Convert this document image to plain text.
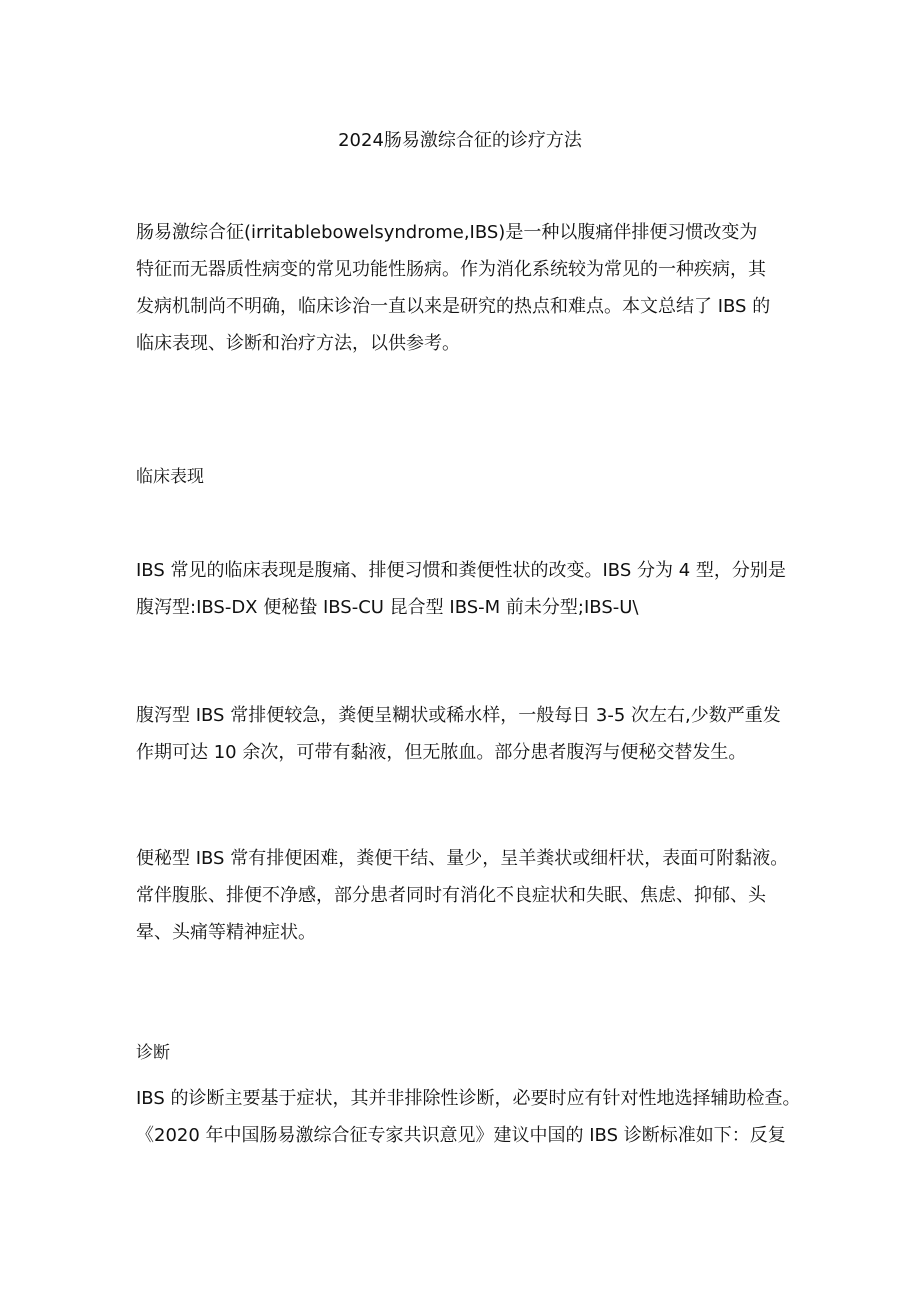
2024肠易激综合征的诊疗方法

肠易激综合征(irritablebowelsyndrome,IBS)是一种以腹痛伴排便习惯改变为
特征而无器质性病变的常见功能性肠病。作为消化系统较为常见的一种疾病，其
发病机制尚不明确，临床诊治一直以来是研究的热点和难点。本文总结了 IBS 的
临床表现、诊断和治疗方法，以供参考。

临床表现

IBS 常见的临床表现是腹痛、排便习惯和粪便性状的改变。IBS 分为 4 型，分别是
腹泻型:IBS-DX 便秘蛰 IBS-CU 昆合型 IBS-M 前未分型;IBS-U\

腹泻型 IBS 常排便较急，粪便呈糊状或稀水样，一般每日 3-5 次左右,少数严重发
作期可达 10 余次，可带有黏液，但无脓血。部分患者腹泻与便秘交替发生。

便秘型 IBS 常有排便困难，粪便干结、量少，呈羊粪状或细杆状，表面可附黏液。
常伴腹胀、排便不净感，部分患者同时有消化不良症状和失眠、焦虑、抑郁、头
晕、头痛等精神症状。

诊断

IBS 的诊断主要基于症状，其并非排除性诊断，必要时应有针对性地选择辅助检查。
《2020 年中国肠易激综合征专家共识意见》建议中国的 IBS 诊断标准如下：反复
